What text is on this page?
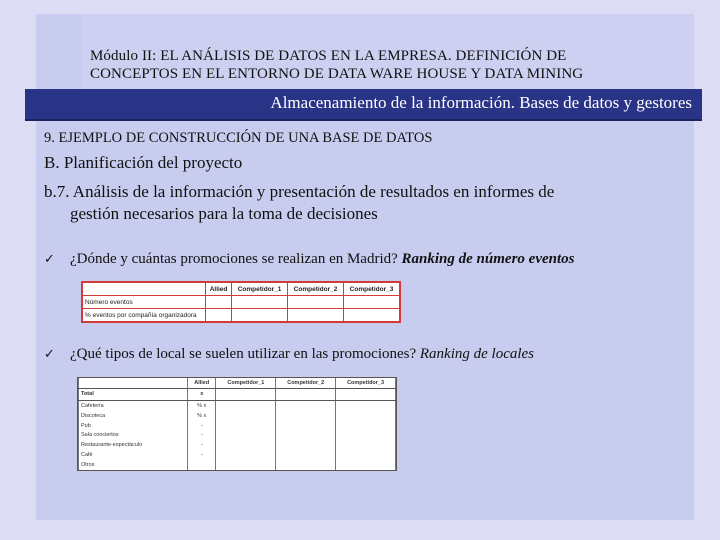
Módulo II: EL ANÁLISIS DE DATOS EN LA EMPRESA. DEFINICIÓN DE
CONCEPTOS EN EL ENTORNO DE DATA WARE HOUSE Y DATA MINING
Almacenamiento de la información. Bases de datos y gestores
9. EJEMPLO DE CONSTRUCCIÓN DE UNA BASE DE DATOS
B. Planificación del proyecto
b.7. Análisis de la información y presentación de resultados en informes de
gestión necesarios para la toma de decisiones
✓ ¿Dónde y cuántas promociones se realizan en Madrid? Ranking de número eventos
	Allied	Competidor_1	Competidor_2	Competidor_3
Número eventos				
% eventos por compañía organizadora				
✓ ¿Qué tipos de local se suelen utilizar en las promociones? Ranking de locales
	Allied	Competidor_1	Competidor_2	Competidor_3
Total	x			
Cafetería	% x			
Discoteca	% x			
Pub	-			
Sala conciertos	-			
Restaurante-espectáculo	-			
Café	-			
Otros				
